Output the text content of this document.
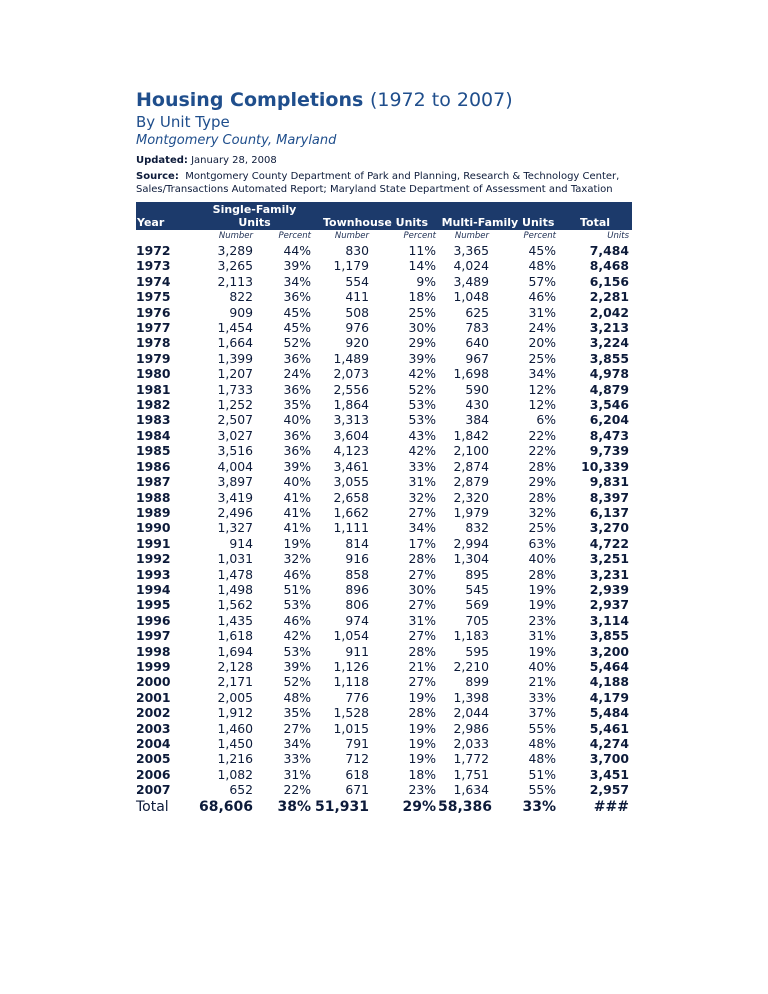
Housing Completions (1972 to 2007)

By Unit Type

Montgomery County, Maryland

Updated: January 28, 2008
Source: Montgomery County Department of Park and Planning, Research & Technology Center,
Sales/Transactions Automated Report; Maryland State Department of Assessment and Taxation
Year	Single-Family Units		Townhouse Units		Multi-Family Units		Total
	Number	Percent	Number	Percent	Number	Percent	Units
1972	3,289	44%	830	11%	3,365	45%	7,484
1973	3,265	39%	1,179	14%	4,024	48%	8,468
1974	2,113	34%	554	9%	3,489	57%	6,156
1975	822	36%	411	18%	1,048	46%	2,281
1976	909	45%	508	25%	625	31%	2,042
1977	1,454	45%	976	30%	783	24%	3,213
1978	1,664	52%	920	29%	640	20%	3,224
1979	1,399	36%	1,489	39%	967	25%	3,855
1980	1,207	24%	2,073	42%	1,698	34%	4,978
1981	1,733	36%	2,556	52%	590	12%	4,879
1982	1,252	35%	1,864	53%	430	12%	3,546
1983	2,507	40%	3,313	53%	384	6%	6,204
1984	3,027	36%	3,604	43%	1,842	22%	8,473
1985	3,516	36%	4,123	42%	2,100	22%	9,739
1986	4,004	39%	3,461	33%	2,874	28%	10,339
1987	3,897	40%	3,055	31%	2,879	29%	9,831
1988	3,419	41%	2,658	32%	2,320	28%	8,397
1989	2,496	41%	1,662	27%	1,979	32%	6,137
1990	1,327	41%	1,111	34%	832	25%	3,270
1991	914	19%	814	17%	2,994	63%	4,722
1992	1,031	32%	916	28%	1,304	40%	3,251
1993	1,478	46%	858	27%	895	28%	3,231
1994	1,498	51%	896	30%	545	19%	2,939
1995	1,562	53%	806	27%	569	19%	2,937
1996	1,435	46%	974	31%	705	23%	3,114
1997	1,618	42%	1,054	27%	1,183	31%	3,855
1998	1,694	53%	911	28%	595	19%	3,200
1999	2,128	39%	1,126	21%	2,210	40%	5,464
2000	2,171	52%	1,118	27%	899	21%	4,188
2001	2,005	48%	776	19%	1,398	33%	4,179
2002	1,912	35%	1,528	28%	2,044	37%	5,484
2003	1,460	27%	1,015	19%	2,986	55%	5,461
2004	1,450	34%	791	19%	2,033	48%	4,274
2005	1,216	33%	712	19%	1,772	48%	3,700
2006	1,082	31%	618	18%	1,751	51%	3,451
2007	652	22%	671	23%	1,634	55%	2,957
Total	68,606	38%	51,931	29%	58,386	33%	###
